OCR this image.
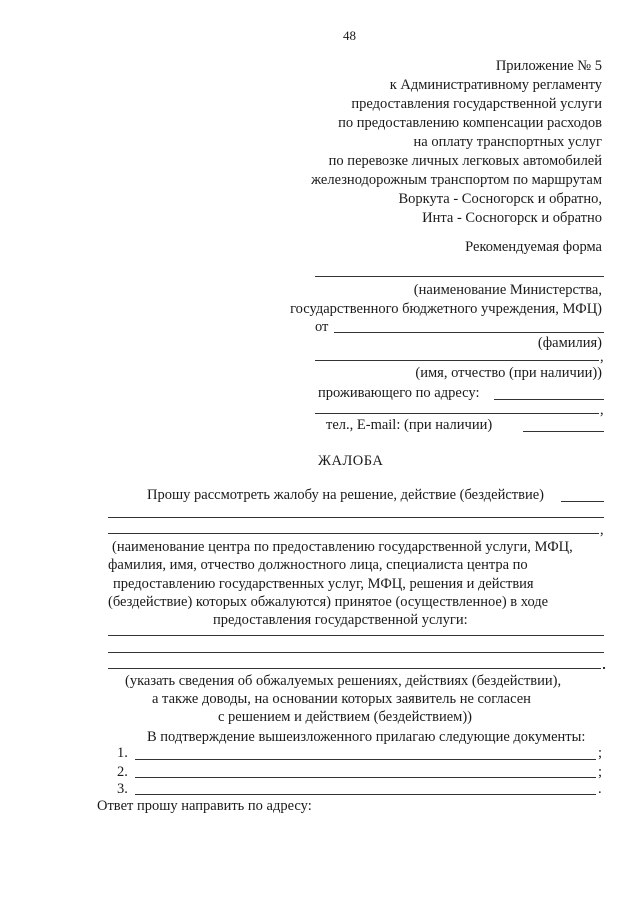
48
Приложение № 5
к Административному регламенту
предоставления государственной услуги
по предоставлению компенсации расходов
на оплату транспортных услуг
по перевозке личных легковых автомобилей
железнодорожным транспортом по маршрутам
Воркута - Сосногорск и обратно,
Инта - Сосногорск и обратно
Рекомендуемая форма
(наименование Министерства,
государственного бюджетного учреждения, МФЦ)
от
(фамилия)
,
(имя, отчество (при наличии))
проживающего по адресу:
,
тел., E-mail: (при наличии)
ЖАЛОБА
Прошу рассмотреть жалобу на решение, действие (бездействие)
,
(наименование центра по предоставлению государственной услуги, МФЦ,
фамилия, имя, отчество должностного лица, специалиста центра по
предоставлению государственных услуг, МФЦ, решения и действия
(бездействие) которых обжалуются) принятое (осуществленное) в ходе
предоставления государственной услуги:
(указать сведения об обжалуемых решениях, действиях (бездействии),
а также доводы, на основании которых заявитель не согласен
с решением и действием (бездействием))
В подтверждение вышеизложенного прилагаю следующие документы:
1.	;
2.	;
3.	.
Ответ прошу направить по адресу:
